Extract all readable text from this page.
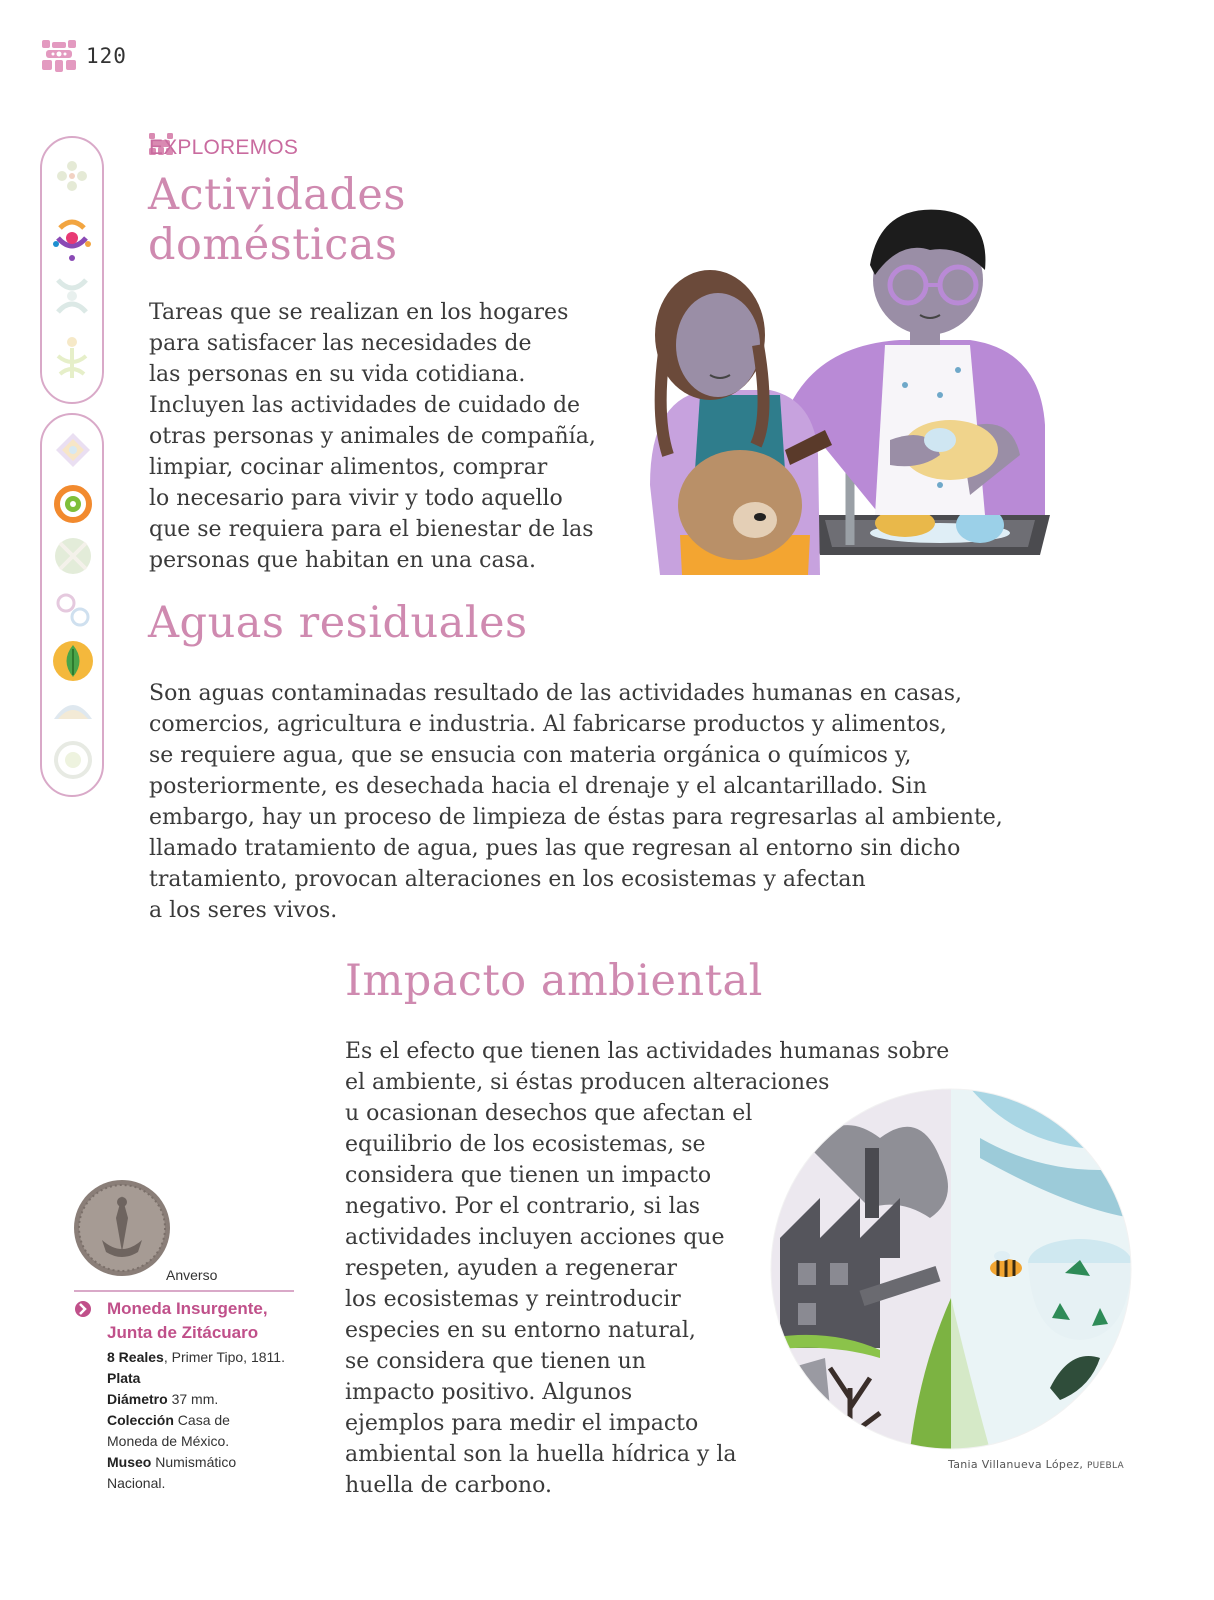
120
EXPLOREMOS
Actividades
domésticas
Tareas que se realizan en los hogares
para satisfacer las necesidades de
las personas en su vida cotidiana.
Incluyen las actividades de cuidado de
otras personas y animales de compañía,
limpiar, cocinar alimentos, comprar
lo necesario para vivir y todo aquello
que se requiera para el bienestar de las
personas que habitan en una casa.
Aguas residuales
Son aguas contaminadas resultado de las actividades humanas en casas,
comercios, agricultura e industria. Al fabricarse productos y alimentos,
se requiere agua, que se ensucia con materia orgánica o químicos y,
posteriormente, es desechada hacia el drenaje y el alcantarillado. Sin
embargo, hay un proceso de limpieza de éstas para regresarlas al ambiente,
llamado tratamiento de agua, pues las que regresan al entorno sin dicho
tratamiento, provocan alteraciones en los ecosistemas y afectan
a los seres vivos.
Impacto ambiental
Es el efecto que tienen las actividades humanas sobre
el ambiente, si éstas producen alteraciones
u ocasionan desechos que afectan el
equilibrio de los ecosistemas, se
considera que tienen un impacto
negativo. Por el contrario, si las
actividades incluyen acciones que
respeten, ayuden a regenerar
los ecosistemas y reintroducir
especies en su entorno natural,
se considera que tienen un
impacto positivo. Algunos
ejemplos para medir el impacto
ambiental son la huella hídrica y la
huella de carbono.
Tania Villanueva López, PUEBLA
Anverso
Moneda Insurgente,
Junta de Zitácuaro
8 Reales, Primer Tipo, 1811.
Plata
Diámetro 37 mm.
Colección Casa de
Moneda de México.
Museo Numismático
Nacional.
